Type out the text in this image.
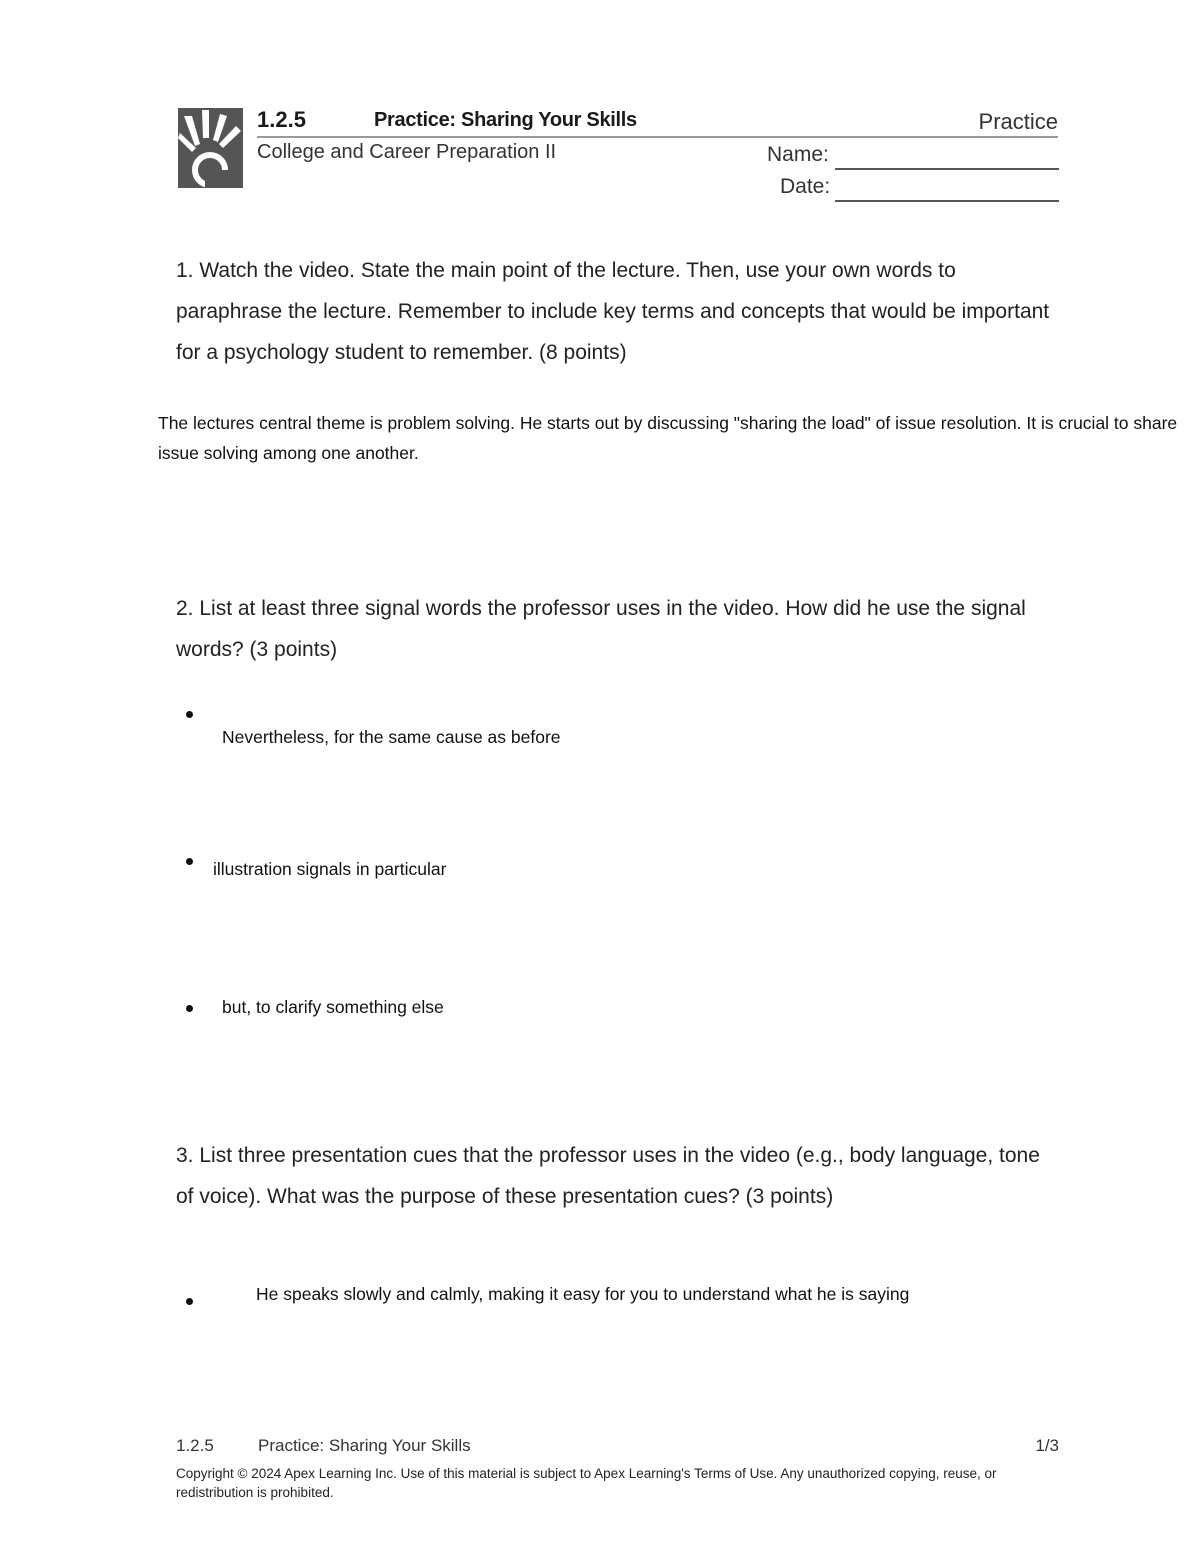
1.2.5	Practice: Sharing Your Skills	Practice
College and Career Preparation II	Name:
Date:

1. Watch the video. State the main point of the lecture. Then, use your own words to paraphrase the lecture. Remember to include key terms and concepts that would be important for a psychology student to remember. (8 points)

The lectures central theme is problem solving. He starts out by discussing "sharing the load" of issue resolution. It is crucial to share issue solving among one another.

2. List at least three signal words the professor uses in the video. How did he use the signal words? (3 points)

Nevertheless, for the same cause as before

illustration signals in particular

but, to clarify something else

3. List three presentation cues that the professor uses in the video (e.g., body language, tone of voice). What was the purpose of these presentation cues? (3 points)

He speaks slowly and calmly, making it easy for you to understand what he is saying

1.2.5	Practice: Sharing Your Skills	1/3
Copyright © 2024 Apex Learning Inc. Use of this material is subject to Apex Learning's Terms of Use. Any unauthorized copying, reuse, or redistribution is prohibited.
